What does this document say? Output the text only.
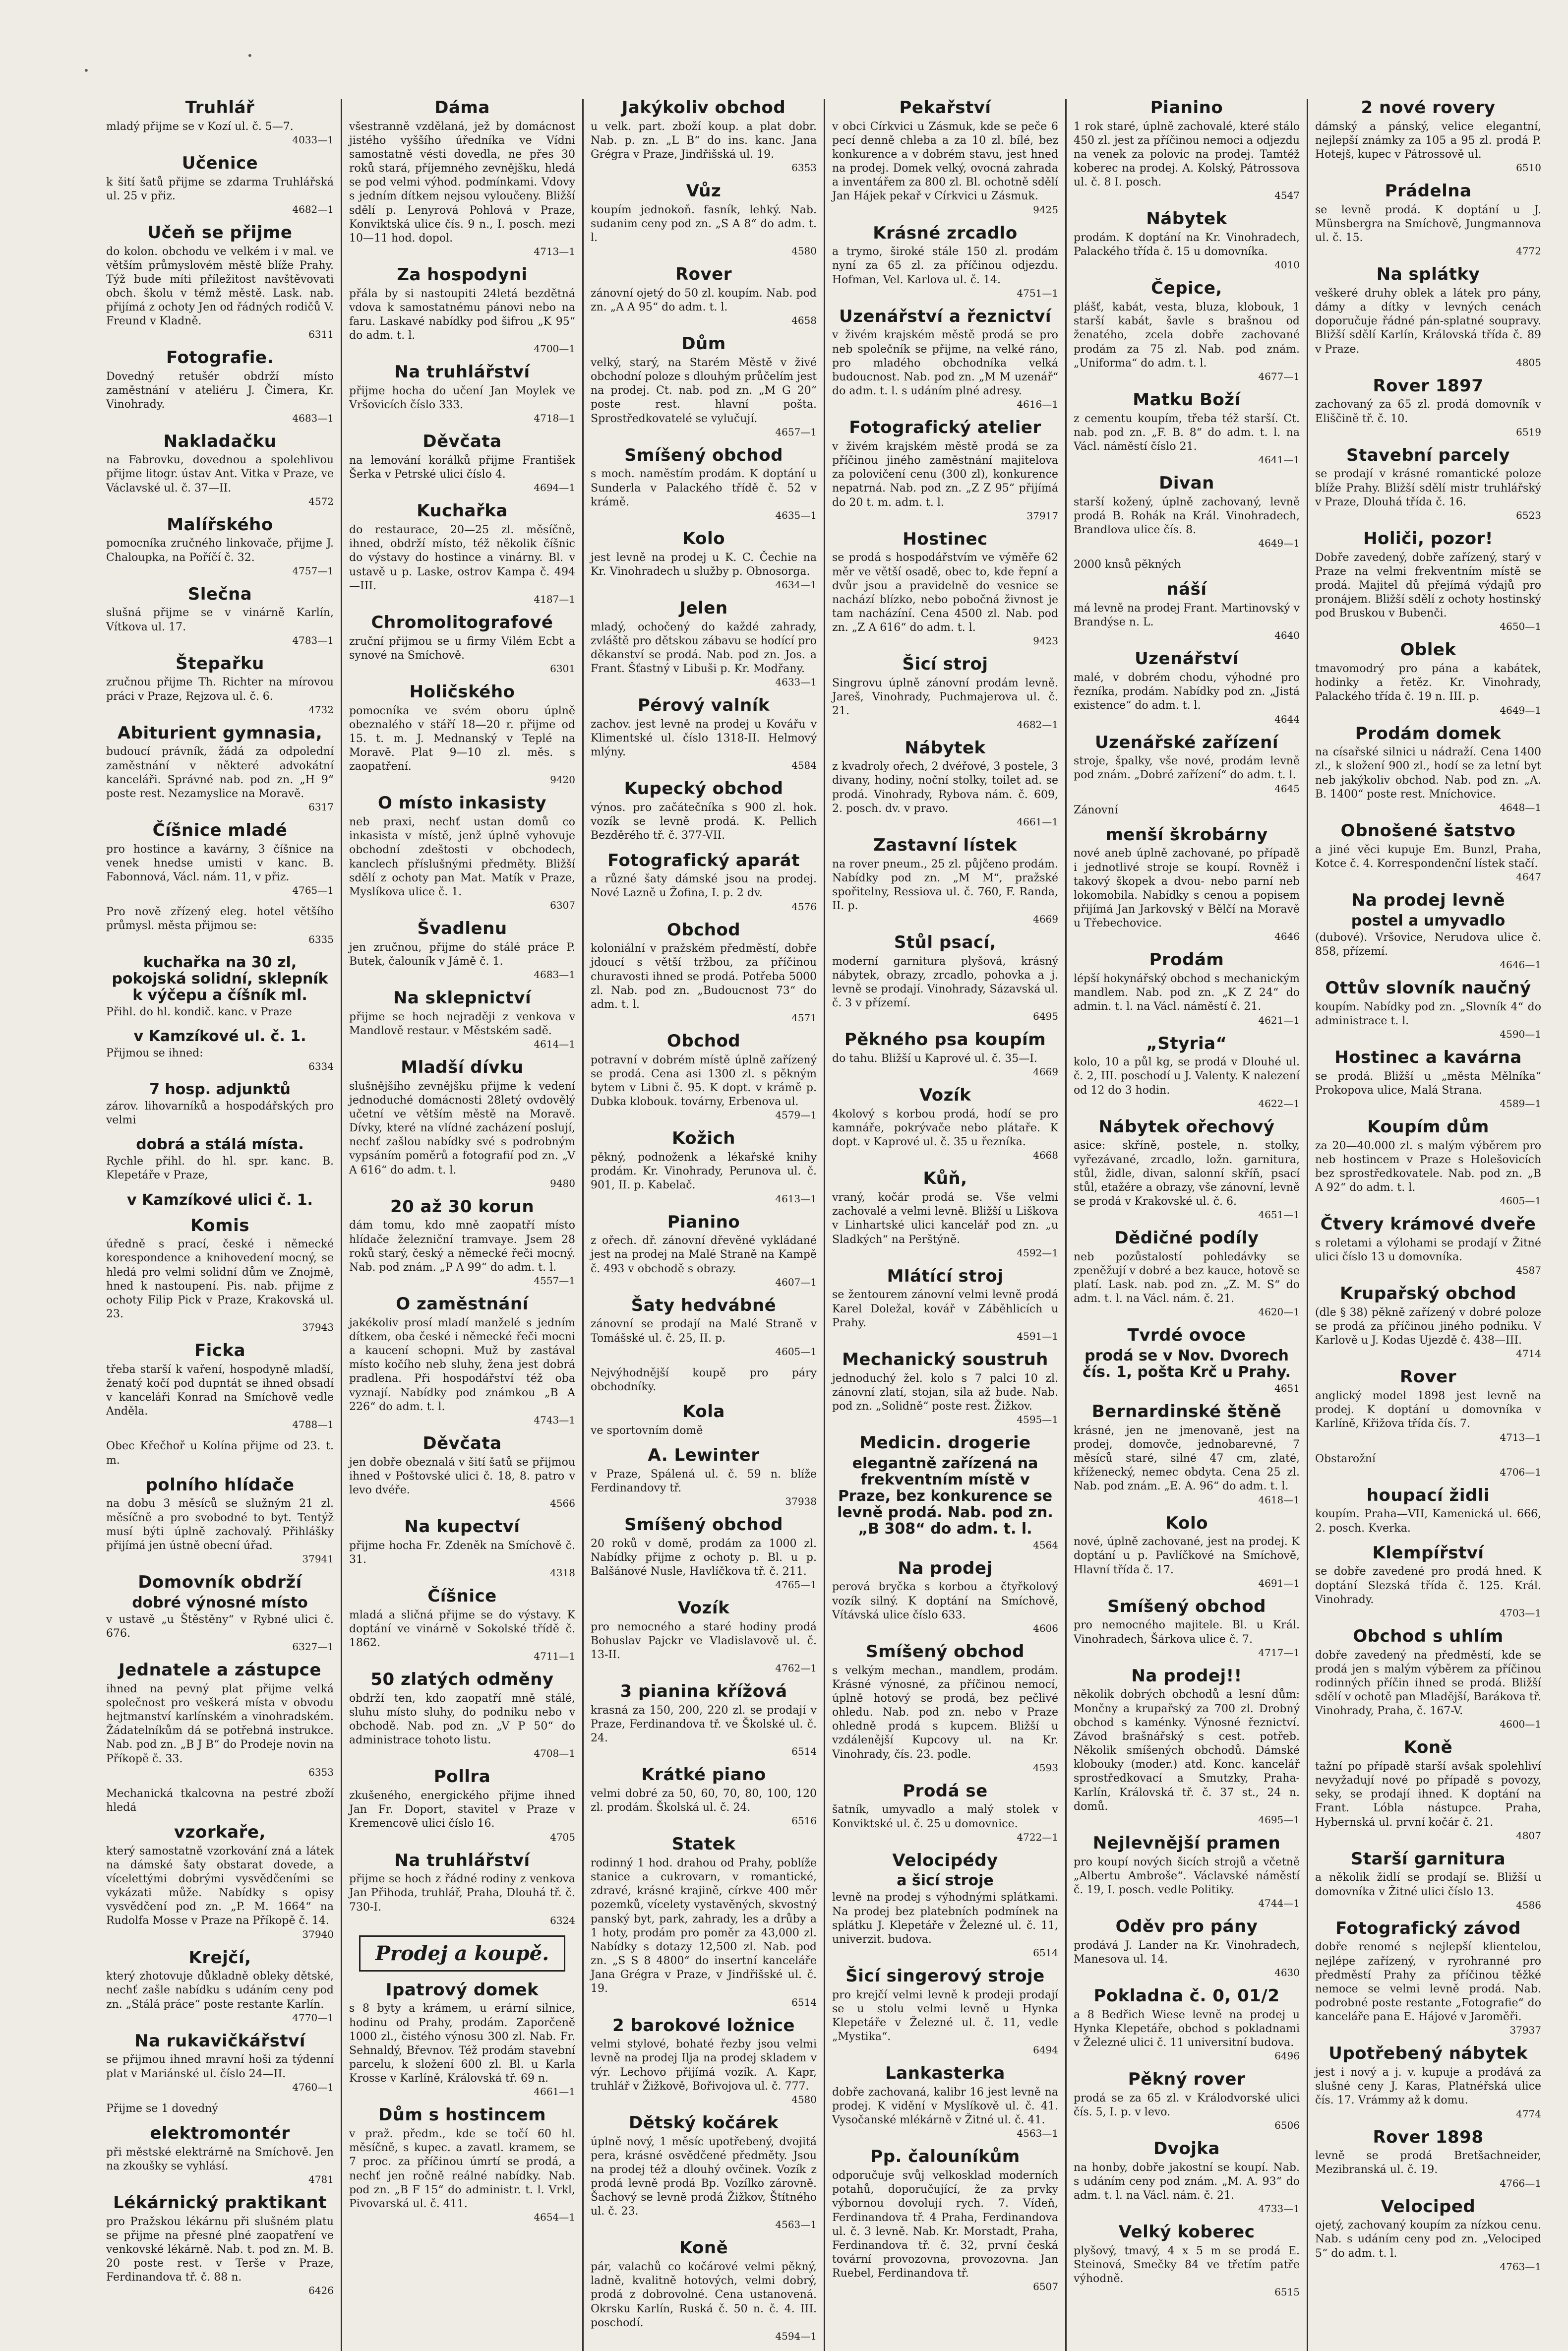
•
•
Truhlář

mladý přijme se v Kozí ul. č. 5—7.

4033—1
Učenice

k šití šatů přijme se zdarma Truhlářská ul. 25 v přiz.

4682—1
Učeň se přijme

do kolon. obchodu ve velkém i v mal. ve větším průmyslovém městě blíže Prahy. Týž bude míti příležitost navštěvovati obch. školu v témž městě. Lask. nab. přijímá z ochoty Jen od řádných rodičů V. Freund v Kladně.

6311
Fotografie.

Dovedný retušér obdrží místo zaměstnání v ateliéru J. Čimera, Kr. Vinohrady.

4683—1
Nakladačku

na Fabrovku, dovednou a spolehlivou přijme litogr. ústav Ant. Vitka v Praze, ve Václavské ul. č. 37—II.

4572
Malířského

pomocníka zručného linkovače, přijme J. Chaloupka, na Poříčí č. 32.

4757—1
Slečna

slušná přijme se v vinárně Karlín, Vítkova ul. 17.

4783—1
Štepařku

zručnou přijme Th. Richter na mírovou práci v Praze, Rejzova ul. č. 6.

4732
Abiturient gymnasia,

budoucí právník, žádá za odpolední zaměstnání v některé advokátní kanceláři. Správné nab. pod zn. „H 9“ poste rest. Nezamyslice na Moravě.

6317
Číšnice mladé

pro hostince a kavárny, 3 číšnice na venek hnedse umisti v kanc. B. Fabonnová, Václ. nám. 11, v přiz.

4765—1

Pro nově zřízený eleg. hotel většího průmysl. města přijmou se:

6335
kuchařka na 30 zl, pokojská solidní, sklepník k výčepu a číšník ml.

Přihl. do hl. kondič. kanc. v Praze

v Kamzíkové ul. č. 1.

Přijmou se ihned:

6334
7 hosp. adjunktů

zárov. lihovarníků a hospodářských pro velmi

dobrá a stálá místa.

Rychle přihl. do hl. spr. kanc. B. Klepetáře v Praze,

v Kamzíkové ulici č. 1.
Komis

úředně s prací, české i německé korespondence a knihovedení mocný, se hledá pro velmi solidní dům ve Znojmě, hned k nastoupení. Pis. nab. přijme z ochoty Filip Pick v Praze, Krakovská ul. 23.

37943
Ficka

třeba starší k vaření, hospodyně mladší, ženatý kočí pod dupntát se ihned obsadí v kanceláři Konrad na Smíchově vedle Anděla.

4788—1

Obec Křečhoř u Kolína přijme od 23. t. m.

polního hlídače

na dobu 3 měsíců se služným 21 zl. měsíčně a pro svobodné to byt. Tentýž musí býti úplně zachovalý. Přihlášky přijímá jen ústně obecní úřad.

37941
Domovník obdrží
dobré výnosné místo

v ustavě „u Štěstěny“ v Rybné ulici č. 676.

6327—1
Jednatele a zástupce

ihned na pevný plat přijme velká společnost pro veškerá místa v obvodu hejtmanství karlínském a vinohradském. Žádatelníkům dá se potřebná instrukce. Nab. pod zn. „B J B“ do Prodeje novin na Příkopě č. 33.

6353

Mechanická tkalcovna na pestré zboží hledá

vzorkaře,

který samostatně vzorkování zná a látek na dámské šaty obstarat dovede, a vícelettými dobrými vysvědčeními se vykázati může. Nabídky s opisy vysvědčení pod zn. „P. M. 1664“ na Rudolfa Mosse v Praze na Příkopě č. 14.

37940
Krejčí,

který zhotovuje důkladně obleky dětské, nechť zašle nabídku s udáním ceny pod zn. „Stálá práce“ poste restante Karlín.

4770—1
Na rukavičkářství

se přijmou ihned mravní hoši za týdenní plat v Mariánské ul. číslo 24—II.

4760—1

Přijme se 1 dovedný

elektromontér

při městské elektrárně na Smíchově. Jen na zkoušky se vyhlásí.

4781
Lékárnický praktikant

pro Pražskou lékárnu při slušném platu se přijme na přesné plné zaopatření ve venkovské lékárně. Nab. t. pod zn. M. B. 20 poste rest. v Terše v Praze, Ferdinandova tř. č. 88 n.

6426
Dáma

všestranně vzdělaná, jež by domácnost jistého vyššího úředníka ve Vídni samostatně vésti dovedla, ne přes 30 roků stará, příjemného zevnějšku, hledá se pod velmi výhod. podmínkami. Vdovy s jedním dítkem nejsou vyloučeny. Bližší sdělí p. Lenyrová Pohlová v Praze, Konviktská ulice čís. 9 n., I. posch. mezi 10—11 hod. dopol.

4713—1
Za hospodyni

přála by si nastoupiti 24letá bezdětná vdova k samostatnému pánovi nebo na faru. Laskavé nabídky pod šifrou „K 95“ do adm. t. l.

4700—1
Na truhlářství

přijme hocha do učení Jan Moylek ve Vršovicích číslo 333.

4718—1
Děvčata

na lemování korálků přijme František Šerka v Petrské ulici číslo 4.

4694—1
Kuchařka

do restaurace, 20—25 zl. měsíčně, ihned, obdrží místo, též několik číšnic do výstavy do hostince a vinárny. Bl. v ustavě u p. Laske, ostrov Kampa č. 494—III.

4187—1
Chromolitografové

zruční přijmou se u firmy Vilém Ecbt a synové na Smíchově.

6301
Holičského

pomocníka ve svém oboru úplně obeznalého v stáří 18—20 r. přijme od 15. t. m. J. Mednanský v Teplé na Moravě. Plat 9—10 zl. měs. s zaopatření.

9420
O místo inkasisty

neb praxi, nechť ustan domů co inkasista v místě, jenž úplně vyhovuje obchodní zdeštosti v obchodech, kanclech příslušnými předměty. Bližší sdělí z ochoty pan Mat. Matík v Praze, Myslíkova ulice č. 1.

6307
Švadlenu

jen zručnou, přijme do stálé práce P. Butek, čalouník v Jámě č. 1.

4683—1
Na sklepnictví

přijme se hoch nejraději z venkova v Mandlově restaur. v Městském sadě.

4614—1
Mladší dívku

slušnějšího zevnějšku přijme k vedení jednoduché domácnosti 28letý ovdovělý učetní ve větším městě na Moravě. Dívky, které na vlídné zacházení poslují, nechť zašlou nabídky své s podrobným vypsáním poměrů a fotografií pod zn. „V A 616“ do adm. t. l.

9480
20 až 30 korun

dám tomu, kdo mně zaopatří místo hlídače železniční tramvaye. Jsem 28 roků starý, český a německé řeči mocný. Nab. pod znám. „P A 99“ do adm. t. l.

4557—1
O zaměstnání

jakékoliv prosí mladí manželé s jedním dítkem, oba české i německé řeči mocni a kaucení schopni. Muž by zastával místo kočího neb sluhy, žena jest dobrá pradlena. Při hospodářství též oba vyznají. Nabídky pod známkou „B A 226“ do adm. t. l.

4743—1
Děvčata

jen dobře obeznalá v šití šatů se přijmou ihned v Poštovské ulici č. 18, 8. patro v levo dvéře.

4566
Na kupectví

přijme hocha Fr. Zdeněk na Smíchově č. 31.

4318
Číšnice

mladá a sličná přijme se do výstavy. K doptání ve vinárně v Sokolské třídě č. 1862.

4711—1
50 zlatých odměny

obdrží ten, kdo zaopatří mně stálé, sluhu místo sluhy, do podniku nebo v obchodě. Nab. pod zn. „V P 50“ do administrace tohoto listu.

4708—1
Pollra

zkušeného, energického přijme ihned Jan Fr. Doport, stavitel v Praze v Kremencově ulici číslo 16.

4705
Na truhlářství

přijme se hoch z řádné rodiny z venkova Jan Přihoda, truhlář, Praha, Dlouhá tř. č. 730-I.

6324
Prodej a koupě.
Ipatrový domek

s 8 byty a krámem, u erární silnice, hodinu od Prahy, prodám. Zaporčeně 1000 zl., čistého výnosu 300 zl. Nab. Fr. Sehnaldý, Břevnov. Též prodám stavební parcelu, k složení 600 zl. Bl. u Karla Krosse v Karlíně, Královská tř. 69 n.

4661—1
Dům s hostincem

v praž. předm., kde se točí 60 hl. měsíčně, s kupec. a zavatl. kramem, se 7 proc. za příčinou úmrtí se prodá, a nechť jen ročně reálné nabídky. Nab. pod zn. „B F 15“ do administr. t. l. Vrkl, Pivovarská ul. č. 411.

4654—1
Jakýkoliv obchod

u velk. part. zboží koup. a plat dobr. Nab. p. zn. „L B“ do ins. kanc. Jana Grégra v Praze, Jindřišská ul. 19.

6353
Vůz

koupím jednokoň. fasník, lehký. Nab. sudanim ceny pod zn. „S A 8“ do adm. t. l.

4580
Rover

zánovní ojetý do 50 zl. koupím. Nab. pod zn. „A A 95“ do adm. t. l.

4658
Dům

velký, starý, na Starém Městě v živé obchodní poloze s dlouhým průčelím jest na prodej. Ct. nab. pod zn. „M G 20“ poste rest. hlavní pošta. Sprostředkovatelé se vylučují.

4657—1
Smíšený obchod

s moch. naměstím prodám. K doptání u Sunderla v Palackého třídě č. 52 v krámě.

4635—1
Kolo

jest levně na prodej u K. C. Čechie na Kr. Vinohradech u služby p. Obnosorga.

4634—1
Jelen

mladý, ochočený do každé zahrady, zvláště pro dětskou zábavu se hodící pro děkanství se prodá. Nab. pod zn. Jos. a Frant. Šťastný v Libuši p. Kr. Modřany.

4633—1
Pérový valník

zachov. jest levně na prodej u Kovářu v Klimentské ul. číslo 1318-II. Helmový mlýny.

4584
Kupecký obchod

výnos. pro začátečníka s 900 zl. hok. vozík se levně prodá. K. Pellich Bezděrého tř. č. 377-VII.

Fotografický aparát

a různé šaty dámské jsou na prodej. Nové Lazně u Žofina, I. p. 2 dv.

4576
Obchod

koloniální v pražském předměstí, dobře jdoucí s větší tržbou, za příčinou churavosti ihned se prodá. Potřeba 5000 zl. Nab. pod zn. „Budoucnost 73“ do adm. t. l.

4571
Obchod

potravní v dobrém místě úplně zařízený se prodá. Cena asi 1300 zl. s pěkným bytem v Libni č. 95. K dopt. v krámě p. Dubka klobouk. továrny, Erbenova ul.

4579—1
Kožich

pěkný, podnoženk a lékařské knihy prodám. Kr. Vinohrady, Perunova ul. č. 901, II. p. Kabelač.

4613—1
Pianino

z ořech. dř. zánovní dřevěné vykládané jest na prodej na Malé Straně na Kampě č. 493 v obchodě s obrazy.

4607—1
Šaty hedvábné

zánovní se prodají na Malé Straně v Tomášské ul. č. 25, II. p.

4605—1

Nejvýhodnější koupě pro páry obchodníky.

Kola

ve sportovním domě

A. Lewinter

v Praze, Spálená ul. č. 59 n. blíže Ferdinandovy tř.

37938
Smíšený obchod

20 roků v domě, prodám za 1000 zl. Nabídky přijme z ochoty p. Bl. u p. Balšánové Nusle, Havlíčkova tř. č. 211.

4765—1
Vozík

pro nemocného a staré hodiny prodá Bohuslav Pajckr ve Vladislavově ul. č. 13-II.

4762—1
3 pianina křížová

krasná za 150, 200, 220 zl. se prodají v Praze, Ferdinandova tř. ve Školské ul. č. 24.

6514
Krátké piano

velmi dobré za 50, 60, 70, 80, 100, 120 zl. prodám. Školská ul. č. 24.

6516
Statek

rodinný 1 hod. drahou od Prahy, poblíže stanice a cukrovarn, v romantické, zdravé, krásné krajině, církve 400 měr pozemků, vícelety vystavěných, skvostný panský byt, park, zahrady, les a drůby a 1 hoty, prodám pro poměr za 43,000 zl. Nabídky s dotazy 12,500 zl. Nab. pod zn. „S S 8 4800“ do insertní kanceláře Jana Grégra v Praze, v Jindřišské ul. č. 19.

6514
2 barokové ložnice

velmi stylové, bohaté řezby jsou velmi levně na prodej Ilja na prodej skladem v výr. Lechovo přijímá vozík. A. Kapr, truhlář v Žižkově, Bořivojova ul. č. 777.

4580
Dětský kočárek

úplně nový, 1 měsíc upotřebený, dvojitá pera, krásné osvědčené předměty. Jsou na prodej též a dlouhý ovčinek. Vozík z prodá levně prodá Bp. Vozílko zárovně. Šachový se levně prodá Žižkov, Štítného ul. č. 23.

4563—1
Koně

pár, valachů co kočárové velmi pěkný, ladně, kvalitně hotových, velmi dobrý, prodá z dobrovolné. Cena ustanovená. Okrsku Karlín, Ruská č. 50 n. č. 4. III. poschodí.

4594—1
Pekařství

v obci Církvici u Zásmuk, kde se peče 6 pecí denně chleba a za 10 zl. bílé, bez konkurence a v dobrém stavu, jest hned na prodej. Domek velký, ovocná zahrada a inventářem za 800 zl. Bl. ochotně sdělí Jan Hájek pekař v Církvici u Zásmuk.

9425
Krásné zrcadlo

a trymo, široké stále 150 zl. prodám nyní za 65 zl. za příčinou odjezdu. Hofman, Vel. Karlova ul. č. 14.

4751—1
Uzenářství a řeznictví

v živém krajském městě prodá se pro neb společník se přijme, na velké ráno, pro mladého obchodníka velká budoucnost. Nab. pod zn. „M M uzenář“ do adm. t. l. s udáním plné adresy.

4616—1
Fotografický atelier

v živém krajském městě prodá se za příčinou jiného zaměstnání majitelova za polovičení cenu (300 zl), konkurence nepatrná. Nab. pod zn. „Z Z 95“ přijímá do 20 t. m. adm. t. l.

37917
Hostinec

se prodá s hospodářstvím ve výměře 62 měr ve větší osadě, obec to, kde řepní a dvůr jsou a pravidelně do vesnice se nachází blízko, nebo pobočná živnost je tam nacházíní. Cena 4500 zl. Nab. pod zn. „Z A 616“ do adm. t. l.

9423
Šicí stroj

Singrovu úplně zánovní prodám levně. Jareš, Vinohrady, Puchmajerova ul. č. 21.

4682—1
Nábytek

z kvadroly ořech, 2 dvéřové, 3 postele, 3 divany, hodiny, noční stolky, toilet ad. se prodá. Vinohrady, Rybova nám. č. 609, 2. posch. dv. v pravo.

4661—1
Zastavní lístek

na rover pneum., 25 zl. půjčeno prodám. Nabídky pod zn. „M M“, pražské spořitelny, Ressiova ul. č. 760, F. Randa, II. p.

4669
Stůl psací,

moderní garnitura plyšová, krásný nábytek, obrazy, zrcadlo, pohovka a j. levně se prodají. Vinohrady, Sázavská ul. č. 3 v přízemí.

6495
Pěkného psa koupím

do tahu. Bližší u Kaprové ul. č. 35—I.

4669
Vozík

4kolový s korbou prodá, hodí se pro kamnáře, pokrývače nebo plátaře. K dopt. v Kaprové ul. č. 35 u řezníka.

4668
Kůň,

vraný, kočár prodá se. Vše velmi zachovalé a velmi levně. Bližší u Liškova v Linhartské ulici kancelář pod zn. „u Sladkých“ na Perštýně.

4592—1
Mlátící stroj

se žentourem zánovní velmi levně prodá Karel Doležal, kovář v Záběhlicích u Prahy.

4591—1
Mechanický soustruh

jednoduchý žel. kolo s 7 palci 10 zl. zánovní zlatí, stojan, sila až bude. Nab. pod zn. „Solidně“ poste rest. Žižkov.

4595—1
Medicin. drogerie
elegantně zařízená na frekventním místě v Praze, bez konkurence se levně prodá. Nab. pod zn. „B 308“ do adm. t. l.
4564
Na prodej

perová bryčka s korbou a čtyřkolový vozík silný. K doptání na Smíchově, Vítávská ulice číslo 633.

4606
Smíšený obchod

s velkým mechan., mandlem, prodám. Krásné výnosné, za příčinou nemocí, úplně hotový se prodá, bez pečlivé ohledu. Nab. pod zn. nebo v Praze ohledně prodá s kupcem. Bližší u vzdálenější Kupcovy ul. na Kr. Vinohrady, čís. 23. podle.

4593
Prodá se

šatník, umyvadlo a malý stolek v Konviktské ul. č. 25 u domovnice.

4722—1
Velocipédy
a šicí stroje

levně na prodej s výhodnými splátkami. Na prodej bez platebních podmínek na splátku J. Klepetáře v Železné ul. č. 11, univerzit. budova.

6514
Šicí singerový stroje

pro krejčí velmi levně k prodeji prodají se u stolu velmi levně u Hynka Klepetáře v Železné ul. č. 11, vedle „Mystika“.

6494
Lankasterka

dobře zachovaná, kalibr 16 jest levně na prodej. K vidění v Myslíkově ul. č. 41. Vysočanské mlékárně v Žitné ul. č. 41.

4563—1
Pp. čalouníkům

odporučuje svůj velkosklad moderních potahů, doporučující, že za prvky výbornou dovolují rych. 7. Vídeň, Ferdinandova tř. 4 Praha, Ferdinandova ul. č. 3 levně. Nab. Kr. Morstadt, Praha, Ferdinandova tř. č. 32, první česká tovární provozovna, provozovna. Jan Ruebel, Ferdinandova tř.

6507
Pianino

1 rok staré, úplně zachovalé, které stálo 450 zl. jest za příčinou nemoci a odjezdu na venek za polovic na prodej. Tamtéž koberec na prodej. A. Kolský, Pátrossova ul. č. 8 I. posch.

4547
Nábytek

prodám. K doptání na Kr. Vinohradech, Palackého třída č. 15 u domovníka.

4010
Čepice,

plášť, kabát, vesta, bluza, klobouk, 1 starší kabát, šavle s brašnou od ženatého, zcela dobře zachované prodám za 75 zl. Nab. pod znám. „Uniforma“ do adm. t. l.

4677—1
Matku Boží

z cementu koupím, třeba též starší. Ct. nab. pod zn. „F. B. 8“ do adm. t. l. na Václ. náměstí číslo 21.

4641—1
Divan

starší kožený, úplně zachovaný, levně prodá B. Rohák na Král. Vinohradech, Brandlova ulice čís. 8.

4649—1

2000 knsů pěkných

náší

má levně na prodej Frant. Martinovský v Brandýse n. L.

4640
Uzenářství

malé, v dobrém chodu, výhodné pro řezníka, prodám. Nabídky pod zn. „Jistá existence“ do adm. t. l.

4644
Uzenářské zařízení

stroje, špalky, vše nové, prodám levně pod znám. „Dobré zařízení“ do adm. t. l.

4645

Zánovní

menší škrobárny

nové aneb úplně zachované, po případě i jednotlivé stroje se koupí. Rovněž i takový škopek a dvou- nebo parní neb lokomobila. Nabídky s cenou a popisem přijímá Jan Jarkovský v Bělčí na Moravě u Třebechovice.

4646
Prodám

lépší hokynářský obchod s mechanickým mandlem. Nab. pod zn. „K Z 24“ do admin. t. l. na Václ. náměstí č. 21.

4621—1
„Styria“

kolo, 10 a půl kg, se prodá v Dlouhé ul. č. 2, III. poschodí u J. Valenty. K nalezení od 12 do 3 hodin.

4622—1
Nábytek ořechový

asice: skříně, postele, n. stolky, vyřezávané, zrcadlo, ložn. garnitura, stůl, židle, divan, salonní skříň, psací stůl, etažére a obrazy, vše zánovní, levně se prodá v Krakovské ul. č. 6.

4651—1
Dědičné podíly

neb pozůstalostí pohledávky se zpeněžují v dobré a bez kauce, hotově se platí. Lask. nab. pod zn. „Z. M. S“ do adm. t. l. na Václ. nám. č. 21.

4620—1
Tvrdé ovoce
prodá se v Nov. Dvorech čís. 1, pošta Krč u Prahy.
4651
Bernardinské štěně

krásné, jen ne jmenovaně, jest na prodej, domovče, jednobarevné, 7 měsíců staré, silné 47 cm, zlaté, kříženecký, nemec obdyta. Cena 25 zl. Nab. pod znám. „E. A. 96“ do adm. t. l.

4618—1
Kolo

nové, úplně zachované, jest na prodej. K doptání u p. Pavlíčkové na Smíchově, Hlavní třída č. 17.

4691—1
Smíšený obchod

pro nemocného majitele. Bl. u Král. Vinohradech, Šárkova ulice č. 7.

4717—1
Na prodej!!

několik dobrých obchodů a lesní dům: Mončny a krupařský za 700 zl. Drobný obchod s kaménky. Výnosné řeznictví. Závod brašnářský s cest. potřeb. Několik smíšených obchodů. Dámské klobouky (moder.) atd. Konc. kancelář sprostředkovací a Smutzky, Praha-Karlín, Královská tř. č. 37 st., 24 n. domů.

4695—1
Nejlevnější pramen

pro koupí nových šicích strojů a včetně „Albertu Ambroše“. Václavské náměstí č. 19, I. posch. vedle Politiky.

4744—1
Oděv pro pány

prodává J. Lander na Kr. Vinohradech, Manesova ul. 14.

4630
Pokladna č. 0, 01/2

a 8 Bedřich Wiese levně na prodej u Hynka Klepetáře, obchod s pokladnami v Železné ulici č. 11 universitní budova.

6496
Pěkný rover

prodá se za 65 zl. v Králodvorské ulici čís. 5, I. p. v levo.

6506
Dvojka

na honby, dobře jakostní se koupí. Nab. s udáním ceny pod znám. „M. A. 93“ do adm. t. l. na Václ. nám. č. 21.

4733—1
Velký koberec

plyšový, tmavý, 4 x 5 m se prodá E. Steinová, Smečky 84 ve třetím patře výhodně.

6515
2 nové rovery

dámský a pánský, velice elegantní, nejlepší známky za 105 a 95 zl. prodá P. Hotejš, kupec v Pátrossově ul.

6510
Prádelna

se levně prodá. K doptání u J. Münsbergra na Smíchově, Jungmannova ul. č. 15.

4772
Na splátky

veškeré druhy oblek a látek pro pány, dámy a dítky v levných cenách doporučuje řádné pán-splatné soupravy. Bližší sdělí Karlín, Královská třída č. 89 v Praze.

4805
Rover 1897

zachovaný za 65 zl. prodá domovník v Eliščině tř. č. 10.

6519
Stavební parcely

se prodají v krásné romantické poloze blíže Prahy. Bližší sdělí mistr truhlářský v Praze, Dlouhá třída č. 16.

6523
Holiči, pozor!

Dobře zavedený, dobře zařízený, starý v Praze na velmi frekventním místě se prodá. Majitel dů přejímá výdajů pro pronájem. Bližší sdělí z ochoty hostinský pod Bruskou v Bubenči.

4650—1
Oblek

tmavomodrý pro pána a kabátek, hodinky a řetěz. Kr. Vinohrady, Palackého třída č. 19 n. III. p.

4649—1
Prodám domek

na císařské silnici u nádraží. Cena 1400 zl., k složení 900 zl., hodí se za letní byt neb jakýkoliv obchod. Nab. pod zn. „A. B. 1400“ poste rest. Mníchovice.

4648—1
Obnošené šatstvo

a jiné věci kupuje Em. Bunzl, Praha, Kotce č. 4. Korrespondenční lístek stačí.

4647
Na prodej levně
postel a umyvadlo

(dubové). Vršovice, Nerudova ulice č. 858, přízemí.

4646—1
Ottův slovník naučný

koupím. Nabídky pod zn. „Slovník 4“ do administrace t. l.

4590—1
Hostinec a kavárna

se prodá. Bližší u „města Mělníka“ Prokopova ulice, Malá Strana.

4589—1
Koupím dům

za 20—40.000 zl. s malým výběrem pro neb hostincem v Praze s Holešovicích bez sprostředkovatele. Nab. pod zn. „B A 92“ do adm. t. l.

4605—1
Čtvery krámové dveře

s roletami a výlohami se prodají v Žitné ulici číslo 13 u domovníka.

4587
Krupařský obchod

(dle § 38) pěkně zařízený v dobré poloze se prodá za příčinou jiného podniku. V Karlově u J. Kodas Ujezdě č. 438—III.

4714
Rover

anglický model 1898 jest levně na prodej. K doptání u domovníka v Karlíně, Křižova třída čís. 7.

4713—1

Obstarožní

4706—1
houpací židli

koupím. Praha—VII, Kamenická ul. 666, 2. posch. Kverka.

Klempířství

se dobře zavedené pro prodá hned. K doptání Slezská třída č. 125. Král. Vinohrady.

4703—1
Obchod s uhlím

dobře zavedený na předměstí, kde se prodá jen s malým výběrem za příčinou rodinných příčin ihned se prodá. Bližší sdělí v ochotě pan Mladější, Barákova tř. Vinohrady, Praha, č. 167-V.

4600—1
Koně

tažní po případě starší avšak spolehliví nevyžadují nové po případě s povozy, seky, se prodají ihned. K doptání na Frant. Lóbla nástupce. Praha, Hybernská ul. první kočár č. 21.

4807
Starší garnitura

a několik židlí se prodají se. Bližší u domovníka v Žitné ulici číslo 13.

4586
Fotografický závod

dobře renomé s nejlepší klientelou, nejlépe zařízený, v ryrohranné pro předměstí Prahy za příčinou těžké nemoce se velmi levně prodá. Nab. podrobné poste restante „Fotografie“ do kanceláře pana E. Hájové v Jaroměři.

37937
Upotřebený nábytek

jest i nový a j. v. kupuje a prodává za slušné ceny J. Karas, Platnéřská ulice čís. 17. Vrámmy až k domu.

4774
Rover 1898

levně se prodá Bretšachneider, Mezibranská ul. č. 19.

4766—1
Velociped

ojetý, zachovaný koupím za nízkou cenu. Nab. s udáním ceny pod zn. „Velociped 5“ do adm. t. l.

4763—1
